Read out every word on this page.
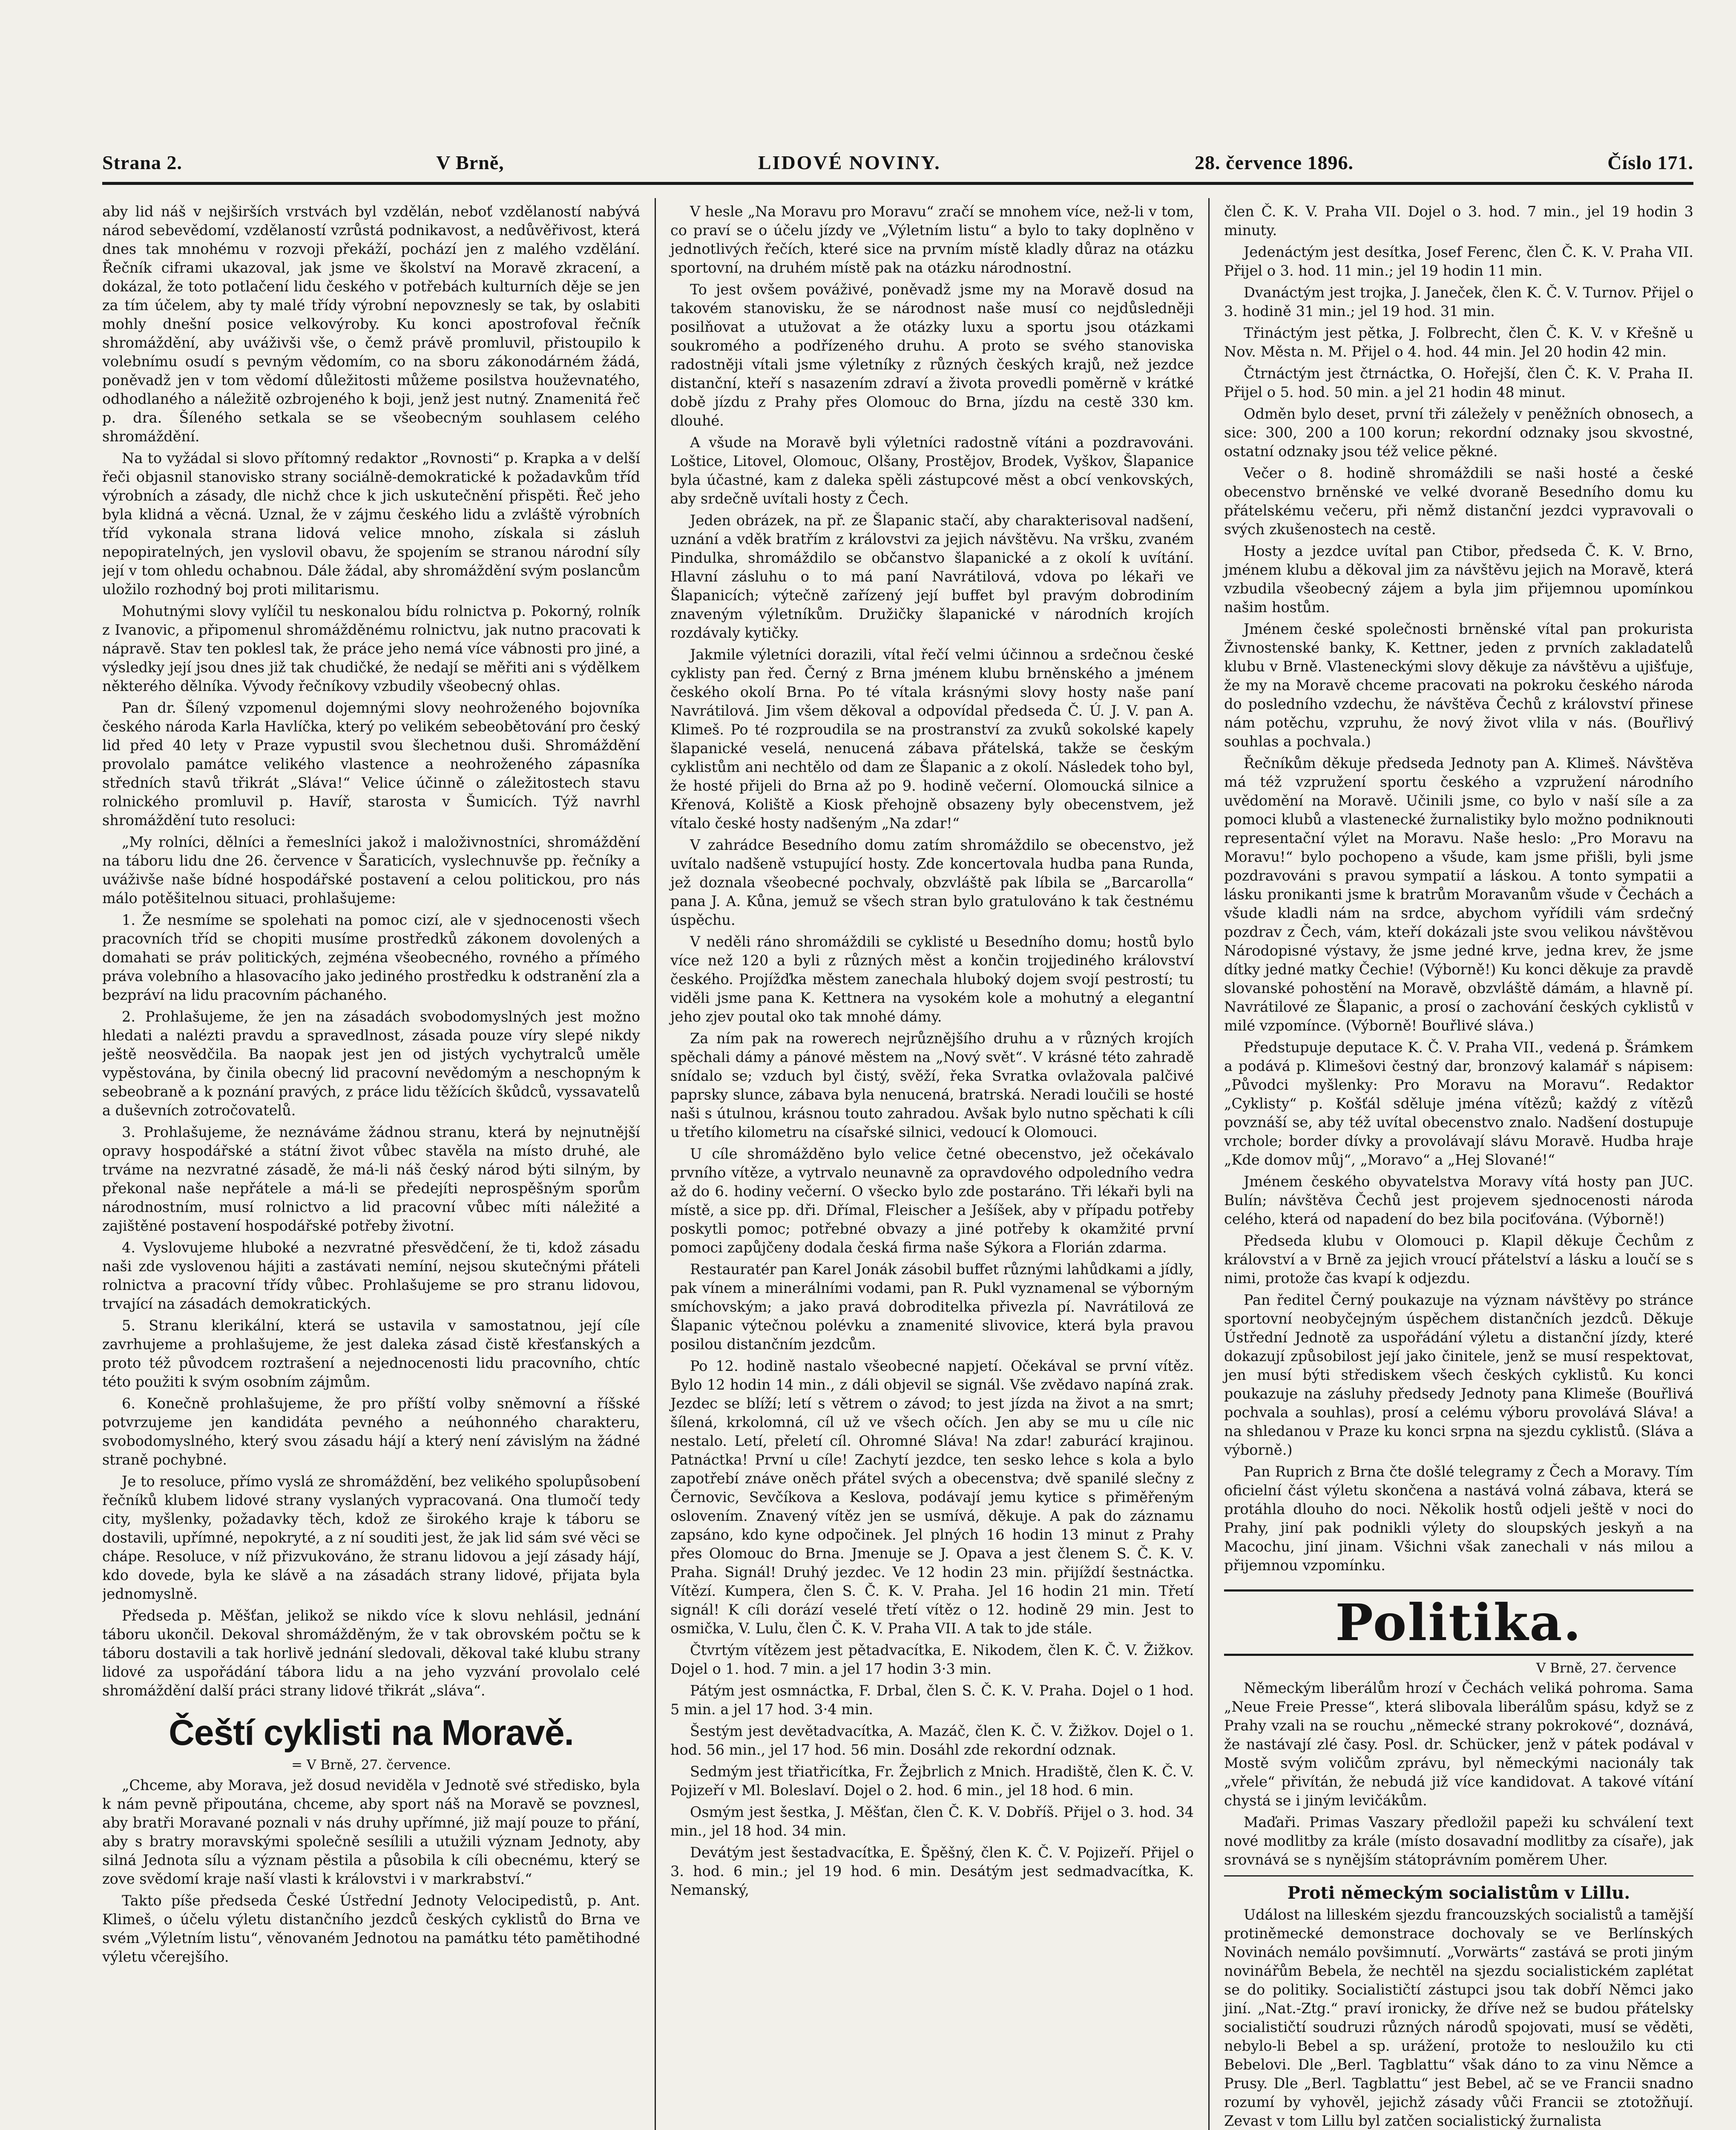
Strana 2.	V Brně,	LIDOVÉ NOVINY.	28. července 1896.	Číslo 171.

aby lid náš v nejširších vrstvách byl vzdělán, neboť vzdělaností nabývá národ sebevědomí, vzdělaností vzrůstá podnikavost, a nedůvěřivost, která dnes tak mnohému v rozvoji překáží, pochází jen z malého vzdělání. Řečník ciframi ukazoval, jak jsme ve školství na Moravě zkracení, a dokázal, že toto potlačení lidu českého v potřebách kulturních děje se jen za tím účelem, aby ty malé třídy výrobní nepovznesly se tak, by oslabiti mohly dnešní posice velkovýroby. Ku konci apostrofoval řečník shromáždění, aby uváživši vše, o čemž právě promluvil, přistoupilo k volebnímu osudí s pevným vědomím, co na sboru zákonodárném žádá, poněvadž jen v tom vědomí důležitosti můžeme posilstva houževnatého, odhodlaného a náležitě ozbrojeného k boji, jenž jest nutný. Znamenitá řeč p. dra. Šíleného setkala se se všeobecným souhlasem celého shromáždění.

Na to vyžádal si slovo přítomný redaktor „Rovnosti“ p. Krapka a v delší řeči objasnil stanovisko strany sociálně-demokratické k požadavkům tříd výrobních a zásady, dle nichž chce k jich uskutečnění přispěti. Řeč jeho byla klidná a věcná. Uznal, že v zájmu českého lidu a zvláště výrobních tříd vykonala strana lidová velice mnoho, získala si zásluh nepopiratelných, jen vyslovil obavu, že spojením se stranou národní síly její v tom ohledu ochabnou. Dále žádal, aby shromáždění svým poslancům uložilo rozhodný boj proti militarismu.

Mohutnými slovy vylíčil tu neskonalou bídu rolnictva p. Pokorný, rolník z Ivanovic, a připomenul shromážděnému rolnictvu, jak nutno pracovati k nápravě. Stav ten poklesl tak, že práce jeho nemá více vábnosti pro jiné, a výsledky její jsou dnes již tak chudičké, že nedají se měřiti ani s výdělkem některého dělníka. Vývody řečníkovy vzbudily všeobecný ohlas.

Pan dr. Šílený vzpomenul dojemnými slovy neohroženého bojovníka českého národa Karla Havlíčka, který po velikém sebeobětování pro český lid před 40 lety v Praze vypustil svou šlechetnou duši. Shromáždění provolalo památce velikého vlastence a neohroženého zápasníka středních stavů třikrát „Sláva!“ Velice účinně o záležitostech stavu rolnického promluvil p. Havíř, starosta v Šumicích. Týž navrhl shromáždění tuto resoluci:

„My rolníci, dělníci a řemeslníci jakož i maloživnostníci, shromáždění na táboru lidu dne 26. července v Šaraticích, vyslechnuvše pp. řečníky a uváživše naše bídné hospodářské postavení a celou politickou, pro nás málo potěšitelnou situaci, prohlašujeme:

1. Že nesmíme se spolehati na pomoc cizí, ale v sjednocenosti všech pracovních tříd se chopiti musíme prostředků zákonem dovolených a domahati se práv politických, zejména všeobecného, rovného a přímého práva volebního a hlasovacího jako jediného prostředku k odstranění zla a bezpráví na lidu pracovním páchaného.

2. Prohlašujeme, že jen na zásadách svobodomyslných jest možno hledati a nalézti pravdu a spravedlnost, zásada pouze víry slepé nikdy ještě neosvědčila. Ba naopak jest jen od jistých vychytralců uměle vypěstována, by činila obecný lid pracovní nevědomým a neschopným k sebeobraně a k poznání pravých, z práce lidu těžících škůdců, vyssavatelů a duševních zotročovatelů.

3. Prohlašujeme, že neznáváme žádnou stranu, která by nejnutnější opravy hospodářské a státní život vůbec stavěla na místo druhé, ale trváme na nezvratné zásadě, že má-li náš český národ býti silným, by překonal naše nepřátele a má-li se předejíti neprospěšným sporům národnostním, musí rolnictvo a lid pracovní vůbec míti náležité a zajištěné postavení hospodářské potřeby životní.

4. Vyslovujeme hluboké a nezvratné přesvědčení, že ti, kdož zásadu naši zde vyslovenou hájiti a zastávati nemíní, nejsou skutečnými přáteli rolnictva a pracovní třídy vůbec. Prohlašujeme se pro stranu lidovou, trvající na zásadách demokratických.

5. Stranu klerikální, která se ustavila v samostatnou, její cíle zavrhujeme a prohlašujeme, že jest daleka zásad čistě křesťanských a proto též původcem roztrašení a nejednocenosti lidu pracovního, chtíc této použiti k svým osobním zájmům.

6. Konečně prohlašujeme, že pro příští volby sněmovní a říšské potvrzujeme jen kandidáta pevného a neúhonného charakteru, svobodomyslného, který svou zásadu hájí a který není závislým na žádné straně pochybné.

Je to resoluce, přímo vyslá ze shromáždění, bez velikého spolupůsobení řečníků klubem lidové strany vyslaných vypracovaná. Ona tlumočí tedy city, myšlenky, požadavky těch, kdož ze širokého kraje k táboru se dostavili, upřímné, nepokryté, a z ní souditi jest, že jak lid sám své věci se chápe. Resoluce, v níž přizvukováno, že stranu lidovou a její zásady hájí, kdo dovede, byla ke slávě a na zásadách strany lidové, přijata byla jednomyslně.

Předseda p. Měšťan, jelikož se nikdo více k slovu nehlásil, jednání táboru ukončil. Dekoval shromážděným, že v tak obrovském počtu se k táboru dostavili a tak horlivě jednání sledovali, děkoval také klubu strany lidové za uspořádání tábora lidu a na jeho vyzvání provolalo celé shromáždění další práci strany lidové třikrát „sláva“.

Čeští cyklisti na Moravě.
= V Brně, 27. července.

„Chceme, aby Morava, jež dosud neviděla v Jednotě své středisko, byla k nám pevně připoutána, chceme, aby sport náš na Moravě se povznesl, aby bratři Moravané poznali v nás druhy upřímné, již mají pouze to přání, aby s bratry moravskými společně sesílili a utužili význam Jednoty, aby silná Jednota sílu a význam pěstila a působila k cíli obecnému, který se zove svědomí kraje naší vlasti k královstvi i v markrabství.“

Takto píše předseda České Ústřední Jednoty Velocipedistů, p. Ant. Klimeš, o účelu výletu distančního jezdců českých cyklistů do Brna ve svém „Výletním listu“, věnovaném Jednotou na památku této pamětihodné výletu včerejšího.

V hesle „Na Moravu pro Moravu“ zračí se mnohem více, než-li v tom, co praví se o účelu jízdy ve „Výletním listu“ a bylo to taky doplněno v jednotlivých řečích, které sice na prvním místě kladly důraz na otázku sportovní, na druhém místě pak na otázku národnostní.

To jest ovšem pováživé, poněvadž jsme my na Moravě dosud na takovém stanovisku, že se národnost naše musí co nejdůsledněji posilňovat a utužovat a že otázky luxu a sportu jsou otázkami soukromého a podřízeného druhu. A proto se svého stanoviska radostněji vítali jsme výletníky z různých českých krajů, než jezdce distanční, kteří s nasazením zdraví a života provedli poměrně v krátké době jízdu z Prahy přes Olomouc do Brna, jízdu na cestě 330 km. dlouhé.

A všude na Moravě byli výletníci radostně vítáni a pozdravováni. Loštice, Litovel, Olomouc, Olšany, Prostějov, Brodek, Vyškov, Šlapanice byla účastné, kam z daleka spěli zástupcové měst a obcí venkovských, aby srdečně uvítali hosty z Čech.

Jeden obrázek, na př. ze Šlapanic stačí, aby charakterisoval nadšení, uznání a vděk bratřím z královstvi za jejich návštěvu. Na vršku, zvaném Pindulka, shromáždilo se občanstvo šlapanické a z okolí k uvítání. Hlavní zásluhu o to má paní Navrátilová, vdova po lékaři ve Šlapanicích; výtečně zařízený její buffet byl pravým dobrodiním znaveným výletníkům. Družičky šlapanické v národních krojích rozdávaly kytičky.

Jakmile výletníci dorazili, vítal řečí velmi účinnou a srdečnou české cyklisty pan řed. Černý z Brna jménem klubu brněnského a jménem českého okolí Brna. Po té vítala krásnými slovy hosty naše paní Navrátilová. Jim všem děkoval a odpovídal předseda Č. Ú. J. V. pan A. Klimeš. Po té rozproudila se na prostranství za zvuků sokolské kapely šlapanické veselá, nenucená zábava přátelská, takže se českým cyklistům ani nechtělo od dam ze Šlapanic a z okolí. Následek toho byl, že hosté přijeli do Brna až po 9. hodině večerní. Olomoucká silnice a Křenová, Koliště a Kiosk přehojně obsazeny byly obecenstvem, jež vítalo české hosty nadšeným „Na zdar!“

V zahrádce Besedního domu zatím shromáždilo se obecenstvo, jež uvítalo nadšeně vstupující hosty. Zde koncertovala hudba pana Runda, jež doznala všeobecné pochvaly, obzvláště pak líbila se „Barcarolla“ pana J. A. Kůna, jemuž se všech stran bylo gratulováno k tak čestnému úspěchu.

V neděli ráno shromáždili se cyklisté u Besedního domu; hostů bylo více než 120 a byli z různých měst a končin trojjediného království českého. Projížďka městem zanechala hluboký dojem svojí pestrostí; tu viděli jsme pana K. Kettnera na vysokém kole a mohutný a elegantní jeho zjev poutal oko tak mnohé dámy.

Za ním pak na rowerech nejrůznějšího druhu a v různých krojích spěchali dámy a pánové městem na „Nový svět“. V krásné této zahradě snídalo se; vzduch byl čistý, svěží, řeka Svratka ovlažovala palčivé paprsky slunce, zábava byla nenucená, bratrská. Neradi loučili se hosté naši s útulnou, krásnou touto zahradou. Avšak bylo nutno spěchati k cíli u třetího kilometru na císařské silnici, vedoucí k Olomouci.

U cíle shromážděno bylo velice četné obecenstvo, jež očekávalo prvního vítěze, a vytrvalo neunavně za opravdového odpoledního vedra až do 6. hodiny večerní. O všecko bylo zde postaráno. Tři lékaři byli na místě, a sice pp. dři. Dřímal, Fleischer a Ješíšek, aby v případu potřeby poskytli pomoc; potřebné obvazy a jiné potřeby k okamžité první pomoci zapůjčeny dodala česká firma naše Sýkora a Florián zdarma.

Restauratér pan Karel Jonák zásobil buffet různými lahůdkami a jídly, pak vínem a minerálními vodami, pan R. Pukl vyznamenal se výborným smíchovským; a jako pravá dobroditelka přivezla pí. Navrátilová ze Šlapanic výtečnou polévku a znamenité slivovice, která byla pravou posilou distančním jezdcům.

Po 12. hodině nastalo všeobecné napjetí. Očekával se první vítěz. Bylo 12 hodin 14 min., z dáli objevil se signál. Vše zvědavo napíná zrak. Jezdec se blíží; letí s větrem o závod; to jest jízda na život a na smrt; šílená, krkolomná, cíl už ve všech očích. Jen aby se mu u cíle nic nestalo. Letí, přeletí cíl. Ohromné Sláva! Na zdar! zaburácí krajinou. Patnáctka! První u cíle! Zachytí jezdce, ten sesko lehce s kola a bylo zapotřebí znáve oněch přátel svých a obecenstva; dvě spanilé slečny z Černovic, Sevčíkova a Keslova, podávají jemu kytice s přiměřeným oslovením. Znavený vítěz jen se usmívá, děkuje. A pak do záznamu zapsáno, kdo kyne odpočinek. Jel plných 16 hodin 13 minut z Prahy přes Olomouc do Brna. Jmenuje se J. Opava a jest členem S. Č. K. V. Praha. Signál! Druhý jezdec. Ve 12 hodin 23 min. přijíždí šestnáctka. Vítězí. Kumpera, člen S. Č. K. V. Praha. Jel 16 hodin 21 min. Třetí signál! K cíli dorází veselé třetí vítěz o 12. hodině 29 min. Jest to osmička, V. Lulu, člen Č. K. V. Praha VII. A tak to jde stále.

Čtvrtým vítězem jest pětadvacítka, E. Nikodem, člen K. Č. V. Žižkov. Dojel o 1. hod. 7 min. a jel 17 hodin 3·3 min.

Pátým jest osmnáctka, F. Drbal, člen S. Č. K. V. Praha. Dojel o 1 hod. 5 min. a jel 17 hod. 3·4 min.

Šestým jest devětadvacítka, A. Mazáč, člen K. Č. V. Žižkov. Dojel o 1. hod. 56 min., jel 17 hod. 56 min. Dosáhl zde rekordní odznak.

Sedmým jest třiatřicítka, Fr. Žejbrlich z Mnich. Hradiště, člen K. Č. V. Pojizeří v Ml. Boleslaví. Dojel o 2. hod. 6 min., jel 18 hod. 6 min.

Osmým jest šestka, J. Měšťan, člen Č. K. V. Dobříš. Přijel o 3. hod. 34 min., jel 18 hod. 34 min.

Devátým jest šestadvacítka, E. Špěšný, člen K. Č. V. Pojizeří. Přijel o 3. hod. 6 min.; jel 19 hod. 6 min. Desátým jest sedmadvacítka, K. Nemanský,

člen Č. K. V. Praha VII. Dojel o 3. hod. 7 min., jel 19 hodin 3 minuty.

Jedenáctým jest desítka, Josef Ferenc, člen Č. K. V. Praha VII. Přijel o 3. hod. 11 min.; jel 19 hodin 11 min.

Dvanáctým jest trojka, J. Janeček, člen K. Č. V. Turnov. Přijel o 3. hodině 31 min.; jel 19 hod. 31 min.

Třináctým jest pětka, J. Folbrecht, člen Č. K. V. v Křešně u Nov. Města n. M. Přijel o 4. hod. 44 min. Jel 20 hodin 42 min.

Čtrnáctým jest čtrnáctka, O. Hořejší, člen Č. K. V. Praha II. Přijel o 5. hod. 50 min. a jel 21 hodin 48 minut.

Odměn bylo deset, první tři záležely v peněžních obnosech, a sice: 300, 200 a 100 korun; rekordní odznaky jsou skvostné, ostatní odznaky jsou též velice pěkné.

Večer o 8. hodině shromáždili se naši hosté a české obecenstvo brněnské ve velké dvoraně Besedního domu ku přátelskému večeru, při němž distanční jezdci vypravovali o svých zkušenostech na cestě.

Hosty a jezdce uvítal pan Ctibor, předseda Č. K. V. Brno, jménem klubu a děkoval jim za návštěvu jejich na Moravě, která vzbudila všeobecný zájem a byla jim přijemnou upomínkou našim hostům.

Jménem české společnosti brněnské vítal pan prokurista Živnostenské banky, K. Kettner, jeden z prvních zakladatelů klubu v Brně. Vlasteneckými slovy děkuje za návštěvu a ujišťuje, že my na Moravě chceme pracovati na pokroku českého národa do posledního vzdechu, že návštěva Čechů z království přinese nám potěchu, vzpruhu, že nový život vlila v nás. (Bouřlivý souhlas a pochvala.)

Řečníkům děkuje předseda Jednoty pan A. Klimeš. Návštěva má též vzpružení sportu českého a vzpružení národního uvědomění na Moravě. Učinili jsme, co bylo v naší síle a za pomoci klubů a vlastenecké žurnalistiky bylo možno podniknouti representační výlet na Moravu. Naše heslo: „Pro Moravu na Moravu!“ bylo pochopeno a všude, kam jsme přišli, byli jsme pozdravováni s pravou sympatií a láskou. A tonto sympatii a lásku pronikanti jsme k bratrům Moravanům všude v Čechách a všude kladli nám na srdce, abychom vyřídili vám srdečný pozdrav z Čech, vám, kteří dokázali jste svou velikou návštěvou Národopisné výstavy, že jsme jedné krve, jedna krev, že jsme dítky jedné matky Čechie! (Výborně!) Ku konci děkuje za pravdě slovanské pohostění na Moravě, obzvláště dámám, a hlavně pí. Navrátilové ze Šlapanic, a prosí o zachování českých cyklistů v milé vzpomínce. (Výborně! Bouřlivé sláva.)

Předstupuje deputace K. Č. V. Praha VII., vedená p. Šrámkem a podává p. Klimešovi čestný dar, bronzový kalamář s nápisem: „Původci myšlenky: Pro Moravu na Moravu“. Redaktor „Cyklisty“ p. Košťál sděluje jména vítězů; každý z vítězů povznáší se, aby též uvítal obecenstvo znalo. Nadšení dostupuje vrchole; border dívky a provolávají slávu Moravě. Hudba hraje „Kde domov můj“, „Moravo“ a „Hej Slované!“

Jménem českého obyvatelstva Moravy vítá hosty pan JUC. Bulín; návštěva Čechů jest projevem sjednocenosti národa celého, která od napadení do bez bila pociťována. (Výborně!)

Předseda klubu v Olomouci p. Klapil děkuje Čechům z království a v Brně za jejich vroucí přátelství a lásku a loučí se s nimi, protože čas kvapí k odjezdu.

Pan ředitel Černý poukazuje na význam návštěvy po stránce sportovní neobyčejným úspěchem distančních jezdců. Děkuje Ústřední Jednotě za uspořádání výletu a distanční jízdy, které dokazují způsobilost její jako činitele, jenž se musí respektovat, jen musí býti střediskem všech českých cyklistů. Ku konci poukazuje na zásluhy předsedy Jednoty pana Klimeše (Bouřlivá pochvala a souhlas), prosí a celému výboru provolává Sláva! a na shledanou v Praze ku konci srpna na sjezdu cyklistů. (Sláva a výborně.)

Pan Ruprich z Brna čte došlé telegramy z Čech a Moravy. Tím oficielní část výletu skončena a nastává volná zábava, která se protáhla dlouho do noci. Několik hostů odjeli ještě v noci do Prahy, jiní pak podnikli výlety do sloupských jeskyň a na Macochu, jiní jinam. Všichni však zanechali v nás milou a přijemnou vzpomínku.

Politika.
V Brně, 27. července

Německým liberálům hrozí v Čechách veliká pohroma. Sama „Neue Freie Presse“, která slibovala liberálům spásu, když se z Prahy vzali na se rouchu „německé strany pokrokové“, doznává, že nastávají zlé časy. Posl. dr. Schücker, jenž v pátek podával v Mostě svým voličům zprávu, byl německými nacionály tak „vřele“ přivítán, že nebudá již více kandidovat. A takové vítání chystá se i jiným levičákům.

Maďaři. Primas Vaszary předložil papeži ku schválení text nové modlitby za krále (místo dosavadní modlitby za císaře), jak srovnává se s nynějším státoprávním poměrem Uher.

Proti německým socialistům v Lillu.

Událost na lilleském sjezdu francouzských socialistů a tamější protiněmecké demonstrace dochovaly se ve Berlínských Novinách nemálo povšimnutí. „Vorwärts“ zastává se proti jiným novinářům Bebela, že nechtěl na sjezdu socialistickém zaplétat se do politiky. Socialističtí zástupci jsou tak dobří Němci jako jiní. „Nat.-Ztg.“ praví ironicky, že dříve než se budou přátelsky socialističtí soudruzi různých národů spojovati, musí se věděti, nebylo-li Bebel a sp. urážení, protože to nesloužilo ku cti Bebelovi. Dle „Berl. Tagblattu“ však dáno to za vinu Němce a Prusy. Dle „Berl. Tagblattu“ jest Bebel, ač se ve Francii snadno rozumí by vyhověl, jejichž zásady vůči Francii se ztotožňují. Zevast v tom Lillu byl zatčen socialistický žurnalista
